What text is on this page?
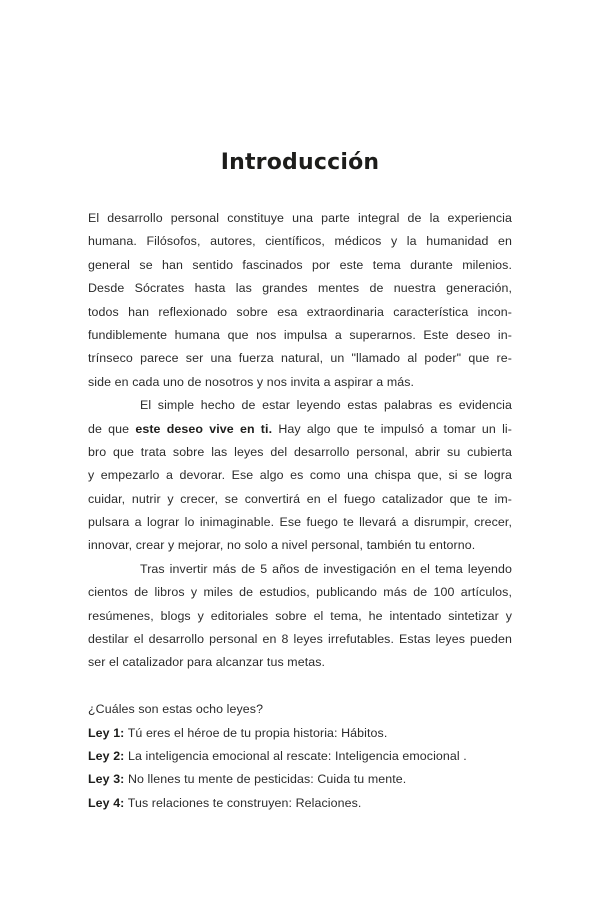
Introducción
El desarrollo personal constituye una parte integral de la experiencia
humana. Filósofos, autores, científicos, médicos y la humanidad en
general se han sentido fascinados por este tema durante milenios.
Desde Sócrates hasta las grandes mentes de nuestra generación,
todos han reflexionado sobre esa extraordinaria característica incon-
fundiblemente humana que nos impulsa a superarnos. Este deseo in-
trínseco parece ser una fuerza natural, un "llamado al poder" que re-
side en cada uno de nosotros y nos invita a aspirar a más.
El simple hecho de estar leyendo estas palabras es evidencia
de que este deseo vive en ti. Hay algo que te impulsó a tomar un li-
bro que trata sobre las leyes del desarrollo personal, abrir su cubierta
y empezarlo a devorar. Ese algo es como una chispa que, si se logra
cuidar, nutrir y crecer, se convertirá en el fuego catalizador que te im-
pulsara a lograr lo inimaginable. Ese fuego te llevará a disrumpir, crecer,
innovar, crear y mejorar, no solo a nivel personal, también tu entorno.
Tras invertir más de 5 años de investigación en el tema leyendo
cientos de libros y miles de estudios, publicando más de 100 artículos,
resúmenes, blogs y editoriales sobre el tema, he intentado sintetizar y
destilar el desarrollo personal en 8 leyes irrefutables. Estas leyes pueden
ser el catalizador para alcanzar tus metas.
¿Cuáles son estas ocho leyes?
Ley 1: Tú eres el héroe de tu propia historia: Hábitos.
Ley 2: La inteligencia emocional al rescate: Inteligencia emocional .
Ley 3: No llenes tu mente de pesticidas: Cuida tu mente.
Ley 4: Tus relaciones te construyen: Relaciones.
